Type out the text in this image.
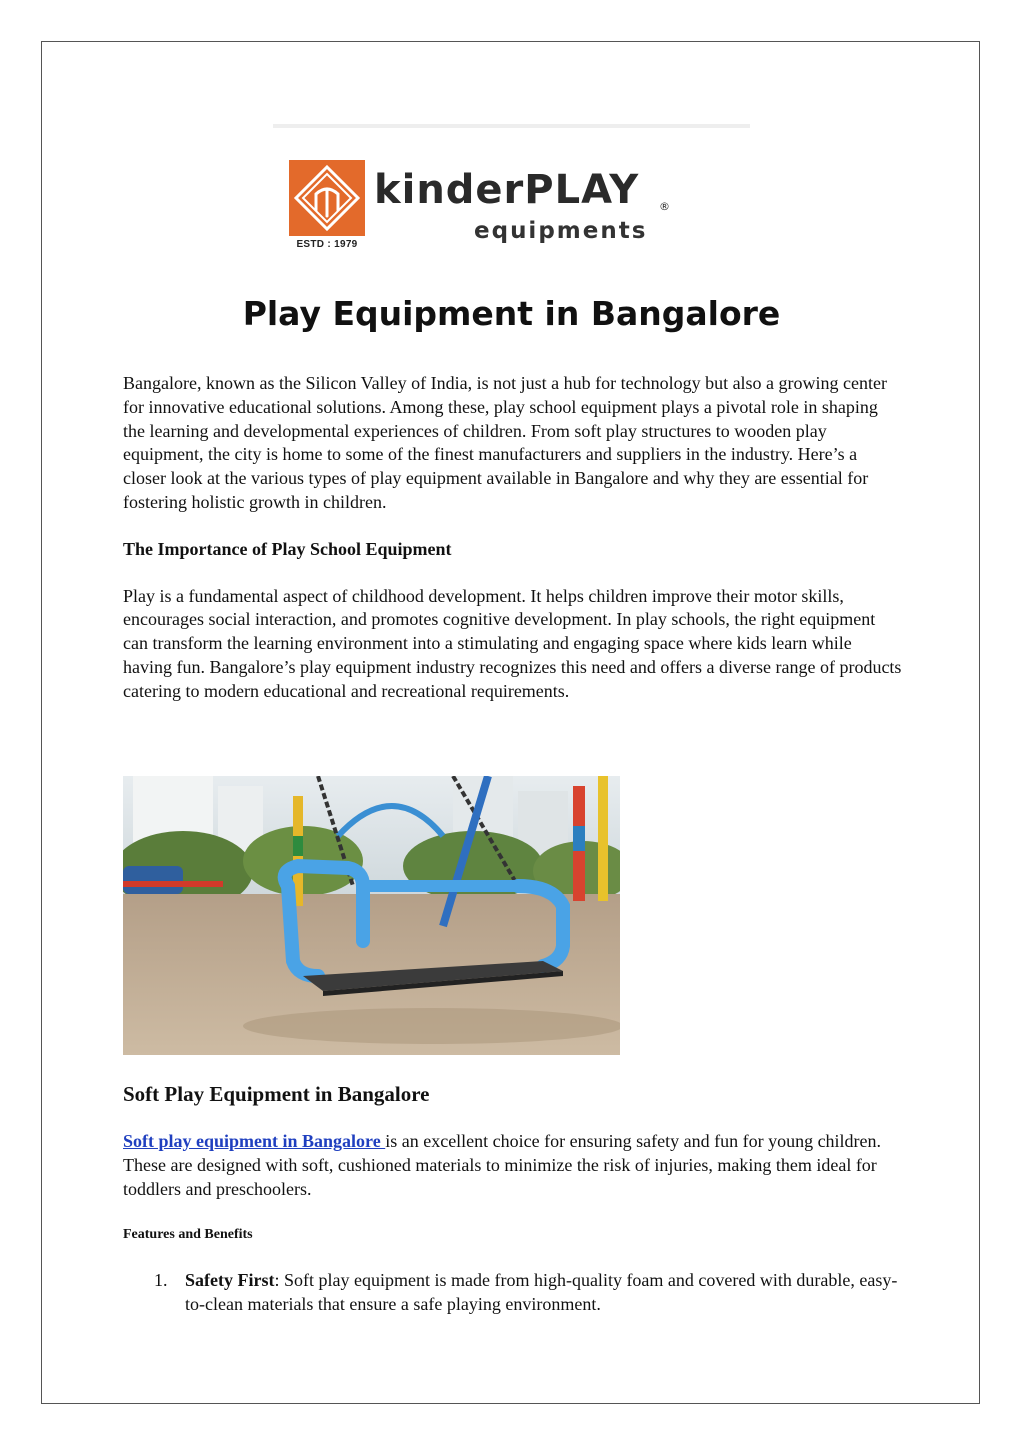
ESTD : 1979
kinderPLAY ®
equipments
Play Equipment in Bangalore

Bangalore, known as the Silicon Valley of India, is not just a hub for technology but also a growing center for innovative educational solutions. Among these, play school equipment plays a pivotal role in shaping the learning and developmental experiences of children. From soft play structures to wooden play equipment, the city is home to some of the finest manufacturers and suppliers in the industry. Here’s a closer look at the various types of play equipment available in Bangalore and why they are essential for fostering holistic growth in children.

The Importance of Play School Equipment

Play is a fundamental aspect of childhood development. It helps children improve their motor skills, encourages social interaction, and promotes cognitive development. In play schools, the right equipment can transform the learning environment into a stimulating and engaging space where kids learn while having fun. Bangalore’s play equipment industry recognizes this need and offers a diverse range of products catering to modern educational and recreational requirements.

Soft Play Equipment in Bangalore

Soft play equipment in Bangalore is an excellent choice for ensuring safety and fun for young children. These are designed with soft, cushioned materials to minimize the risk of injuries, making them ideal for toddlers and preschoolers.

Features and Benefits

1. Safety First: Soft play equipment is made from high-quality foam and covered with durable, easy-to-clean materials that ensure a safe playing environment.
